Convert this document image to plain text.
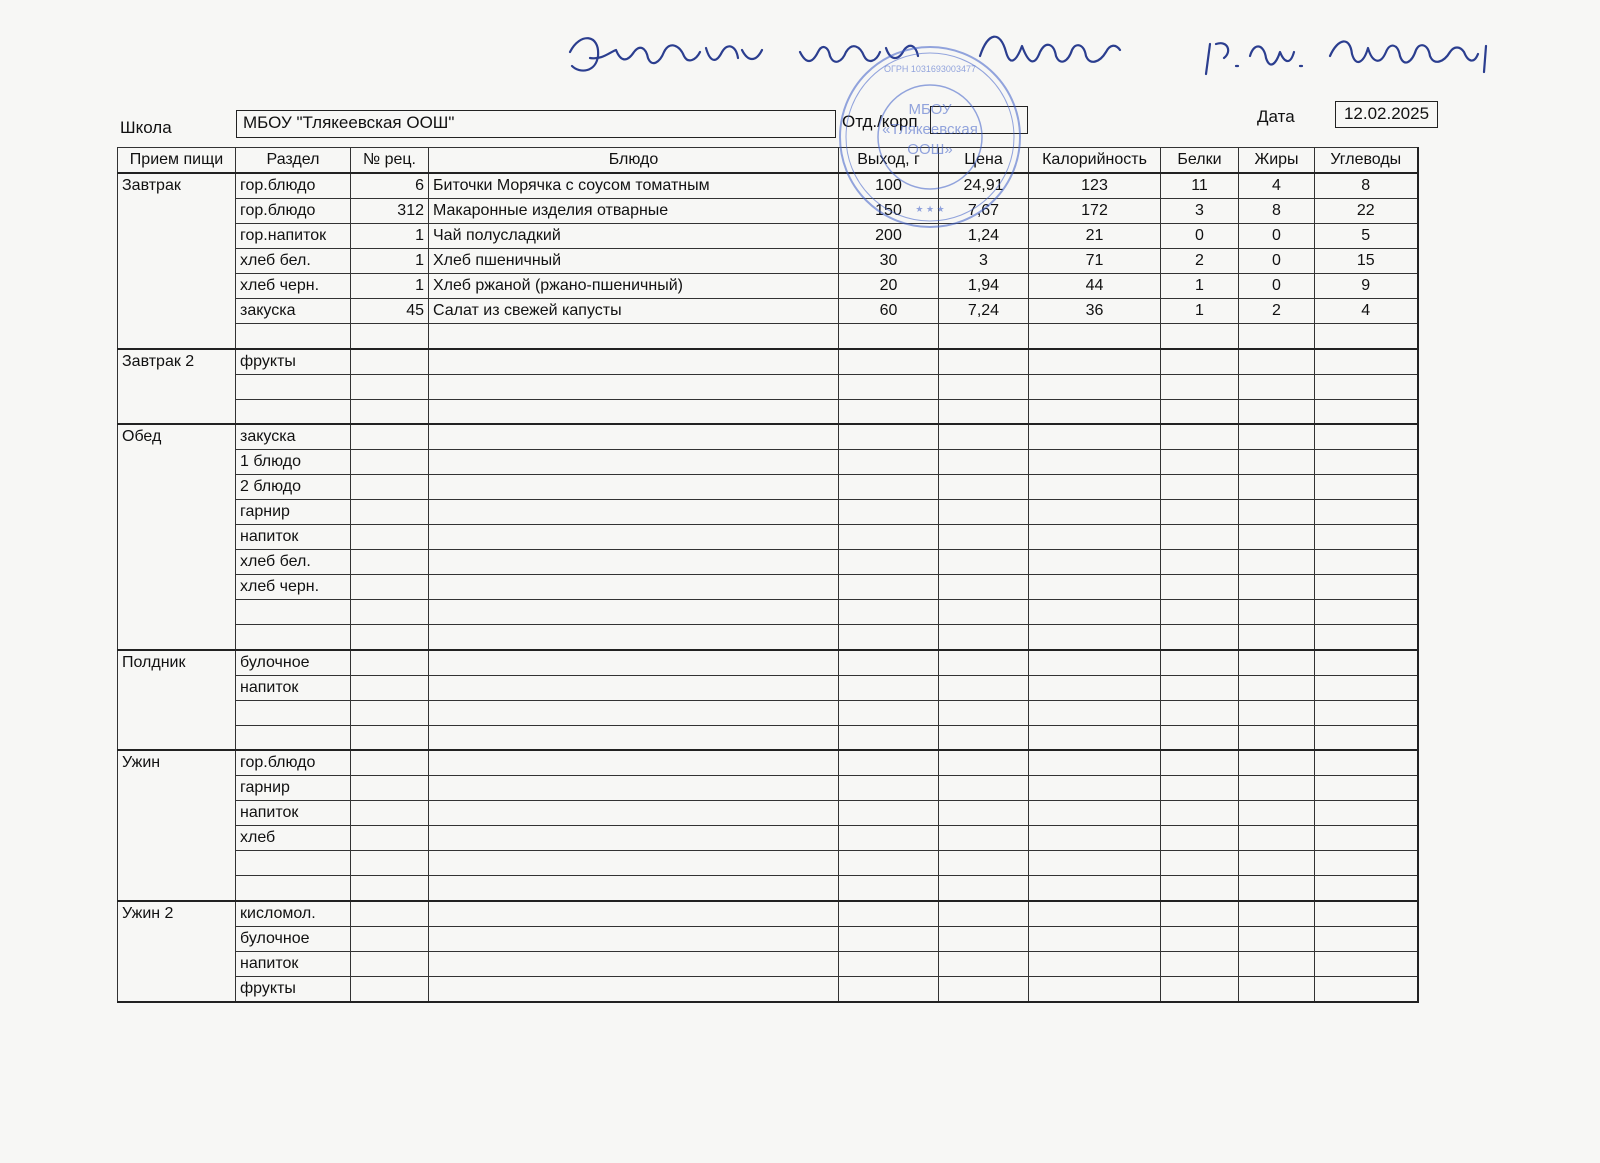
МБОУ
«Тлякеевская
ООШ»
ОГРН 1031693003477
★ ★ ★
Школа	МБОУ "Тлякеевская ООШ"	Отд./корп	Дата	12.02.2025
Прием пищи	Раздел	№ рец.	Блюдо	Выход, г	Цена	Калорийность	Белки	Жиры	Углеводы
Завтрак	гор.блюдо	6	Биточки Морячка с соусом томатным	100	24,91	123	11	4	8
	гор.блюдо	312	Макаронные изделия отварные	150	7,67	172	3	8	22
	гор.напиток	1	Чай полусладкий	200	1,24	21	0	0	5
	хлеб бел.	1	Хлеб пшеничный	30	3	71	2	0	15
	хлеб черн.	1	Хлеб ржаной (ржано-пшеничный)	20	1,94	44	1	0	9
	закуска	45	Салат из свежей капусты	60	7,24	36	1	2	4

Завтрак 2	фрукты								

Обед	закуска								
	1 блюдо								
	2 блюдо								
	гарнир								
	напиток								
	хлеб бел.								
	хлеб черн.								

Полдник	булочное								
	напиток								

Ужин	гор.блюдо								
	гарнир								
	напиток								
	хлеб								

Ужин 2	кисломол.								
	булочное								
	напиток								
	фрукты								
